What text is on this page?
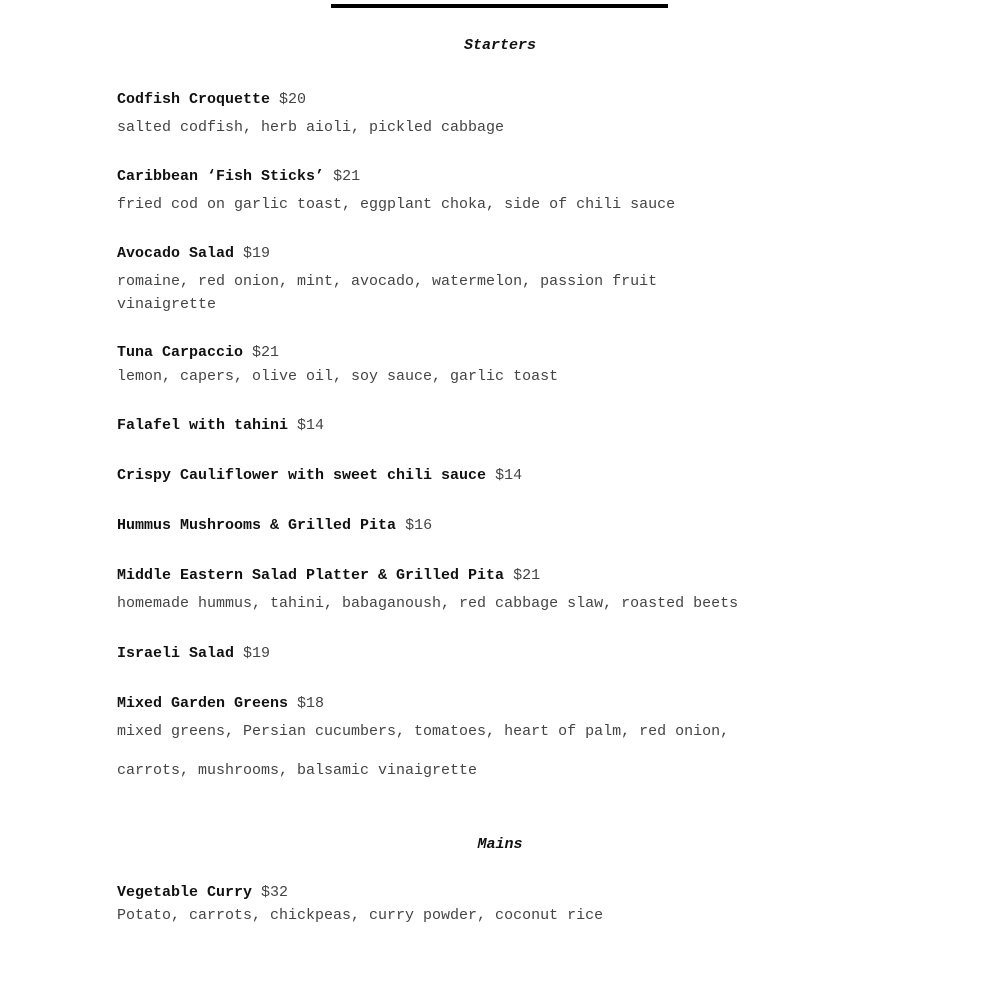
Starters
Codfish Croquette $20

salted codfish, herb aioli, pickled cabbage

Caribbean ‘Fish Sticks’ $21

fried cod on garlic toast, eggplant choka, side of chili sauce

Avocado Salad $19

romaine, red onion, mint, avocado, watermelon, passion fruit

vinaigrette

Tuna Carpaccio $21

lemon, capers, olive oil, soy sauce, garlic toast

Falafel with tahini $14
Crispy Cauliflower with sweet chili sauce $14
Hummus Mushrooms & Grilled Pita $16
Middle Eastern Salad Platter & Grilled Pita $21

homemade hummus, tahini, babaganoush, red cabbage slaw, roasted beets

Israeli Salad $19
Mixed Garden Greens $18

mixed greens, Persian cucumbers, tomatoes, heart of palm, red onion,

carrots, mushrooms, balsamic vinaigrette

Mains
Vegetable Curry $32

Potato, carrots, chickpeas, curry powder, coconut rice
